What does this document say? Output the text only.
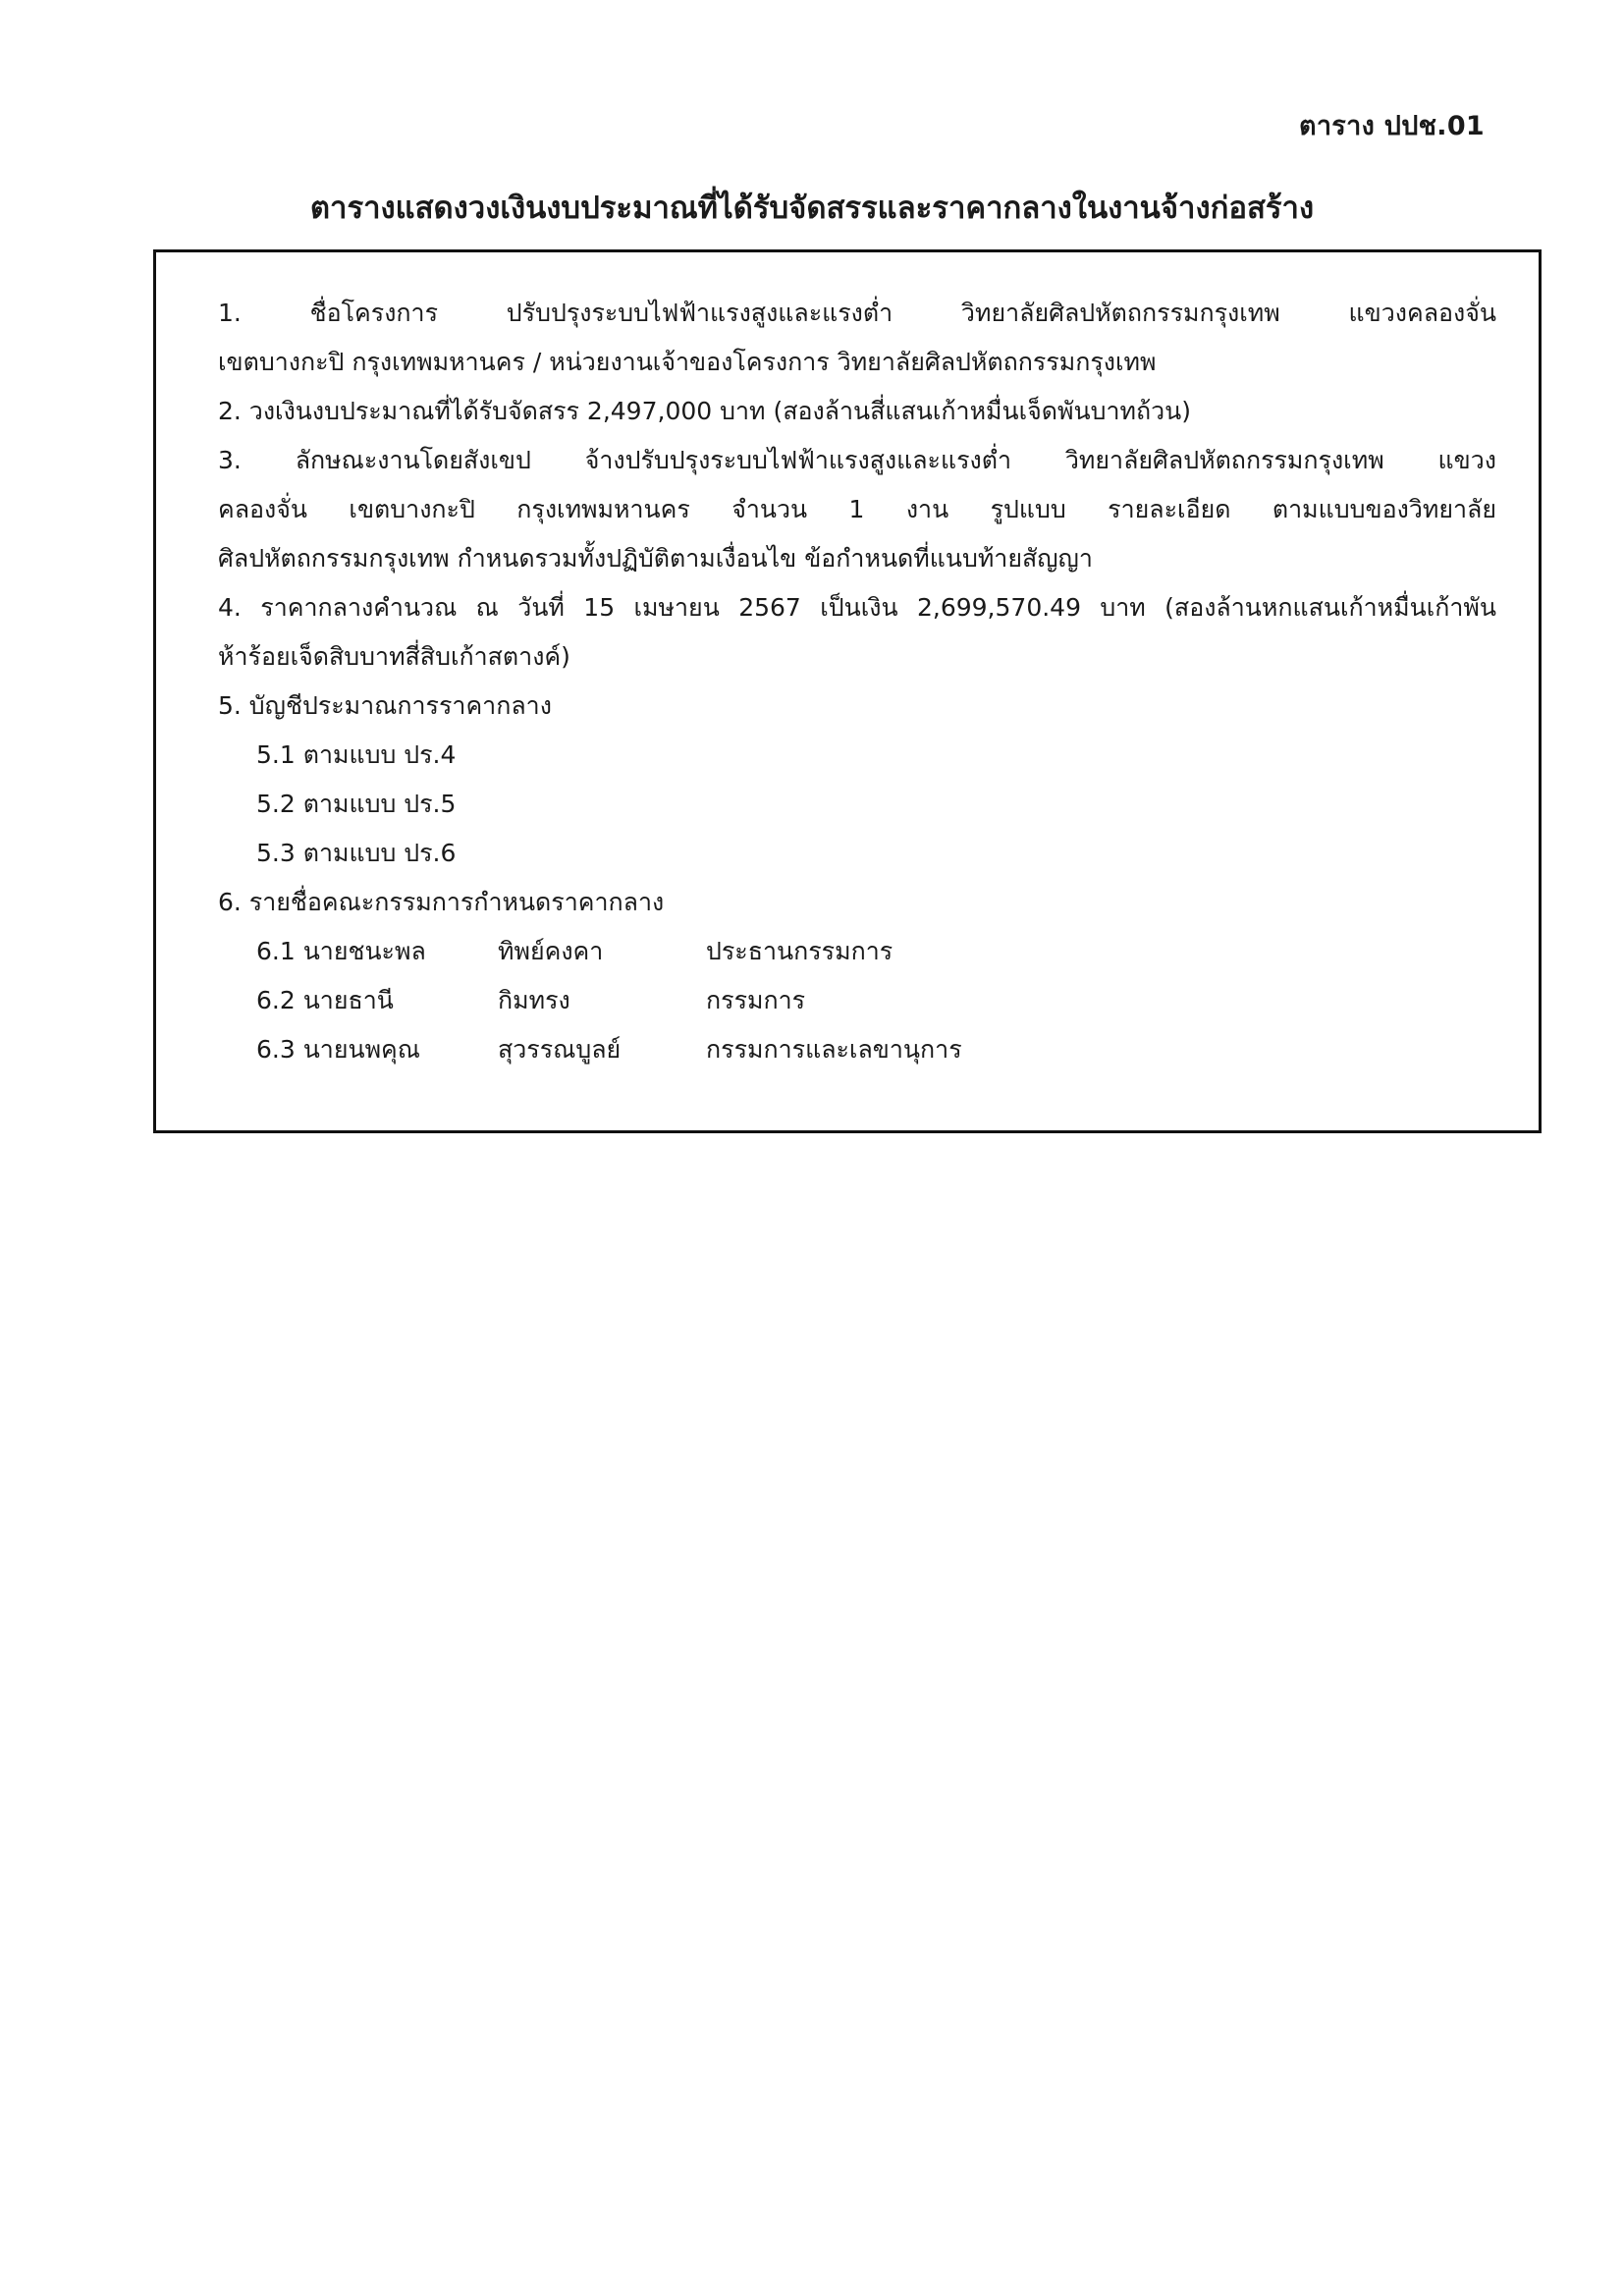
ตาราง ปปช.01
ตารางแสดงวงเงินงบประมาณที่ได้รับจัดสรรและราคากลางในงานจ้างก่อสร้าง
1. ชื่อโครงการ ปรับปรุงระบบไฟฟ้าแรงสูงและแรงต่ำ วิทยาลัยศิลปหัตถกรรมกรุงเทพ แขวงคลองจั่น
เขตบางกะปิ กรุงเทพมหานคร / หน่วยงานเจ้าของโครงการ วิทยาลัยศิลปหัตถกรรมกรุงเทพ
2. วงเงินงบประมาณที่ได้รับจัดสรร 2,497,000 บาท (สองล้านสี่แสนเก้าหมื่นเจ็ดพันบาทถ้วน)
3. ลักษณะงานโดยสังเขป จ้างปรับปรุงระบบไฟฟ้าแรงสูงและแรงต่ำ วิทยาลัยศิลปหัตถกรรมกรุงเทพ แขวง
คลองจั่น เขตบางกะปิ กรุงเทพมหานคร จำนวน 1 งาน รูปแบบ รายละเอียด ตามแบบของวิทยาลัย
ศิลปหัตถกรรมกรุงเทพ กำหนดรวมทั้งปฏิบัติตามเงื่อนไข ข้อกำหนดที่แนบท้ายสัญญา
4. ราคากลางคำนวณ ณ วันที่ 15 เมษายน 2567 เป็นเงิน 2,699,570.49 บาท (สองล้านหกแสนเก้าหมื่นเก้าพัน
ห้าร้อยเจ็ดสิบบาทสี่สิบเก้าสตางค์)
5. บัญชีประมาณการราคากลาง
5.1 ตามแบบ ปร.4
5.2 ตามแบบ ปร.5
5.3 ตามแบบ ปร.6
6. รายชื่อคณะกรรมการกำหนดราคากลาง
6.1 นายชนะพล	ทิพย์คงคา	ประธานกรรมการ
6.2 นายธานี	กิมทรง	กรรมการ
6.3 นายนพคุณ	สุวรรณบูลย์	กรรมการและเลขานุการ
